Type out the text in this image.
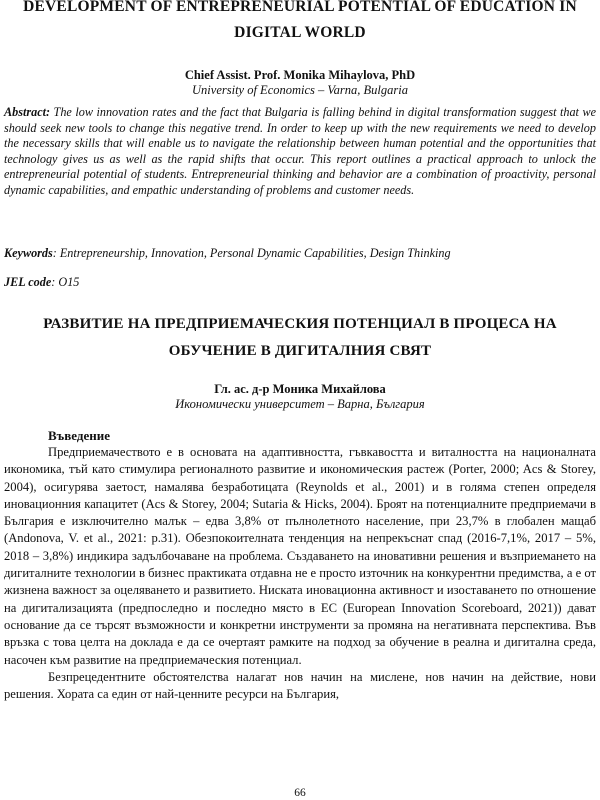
DEVELOPMENT OF ENTREPRENEURIAL POTENTIAL OF EDUCATION IN DIGITAL WORLD
Chief Assist. Prof. Monika Mihaylova, PhD
University of Economics – Varna, Bulgaria
Abstract: The low innovation rates and the fact that Bulgaria is falling behind in digital transformation suggest that we should seek new tools to change this negative trend. In order to keep up with the new requirements we need to develop the necessary skills that will enable us to navigate the relationship between human potential and the opportunities that technology gives us as well as the rapid shifts that occur. This report outlines a practical approach to unlock the entrepreneurial potential of students. Entrepreneurial thinking and behavior are a combination of proactivity, personal dynamic capabilities, and empathic understanding of problems and customer needs.
Keywords: Entrepreneurship, Innovation, Personal Dynamic Capabilities, Design Thinking
JEL code: O15
РАЗВИТИЕ НА ПРЕДПРИЕМАЧЕСКИЯ ПОТЕНЦИАЛ В ПРОЦЕСА НА ОБУЧЕНИЕ В ДИГИТАЛНИЯ СВЯТ
Гл. ас. д-р Моника Михайлова
Икономически университет – Варна, България
Въведение

Предприемачеството е в основата на адаптивността, гъвкавостта и виталността на националната икономика, тъй като стимулира регионалното развитие и икономическия растеж (Porter, 2000; Acs & Storey, 2004), осигурява заетост, намалява безработицата (Reynolds et al., 2001) и в голяма степен определя иновационния капацитет (Acs & Storey, 2004; Sutaria & Hicks, 2004). Броят на потенциалните предприемачи в България е изключително малък – едва 3,8% от пълнолетното население, при 23,7% в глобален мащаб (Andonova, V. et al., 2021: p.31). Обезпокоителната тенденция на непрекъснат спад (2016-7,1%, 2017 – 5%, 2018 – 3,8%) индикира задълбочаване на проблема. Създаването на иновативни решения и възприемането на дигиталните технологии в бизнес практиката отдавна не е просто източник на конкурентни предимства, а е от жизнена важност за оцеляването и развитието. Ниската иновационна активност и изоставането по отношение на дигитализацията (предпоследно и последно място в ЕС (European Innovation Scoreboard, 2021)) дават основание да се търсят възможности и конкретни инструменти за промяна на негативната перспектива. Във връзка с това целта на доклада е да се очертаят рамките на подход за обучение в реална и дигитална среда, насочен към развитие на предприемаческия потенциал.

Безпрецедентните обстоятелства налагат нов начин на мислене, нов начин на действие, нови решения. Хората са един от най-ценните ресурси на България,

66
